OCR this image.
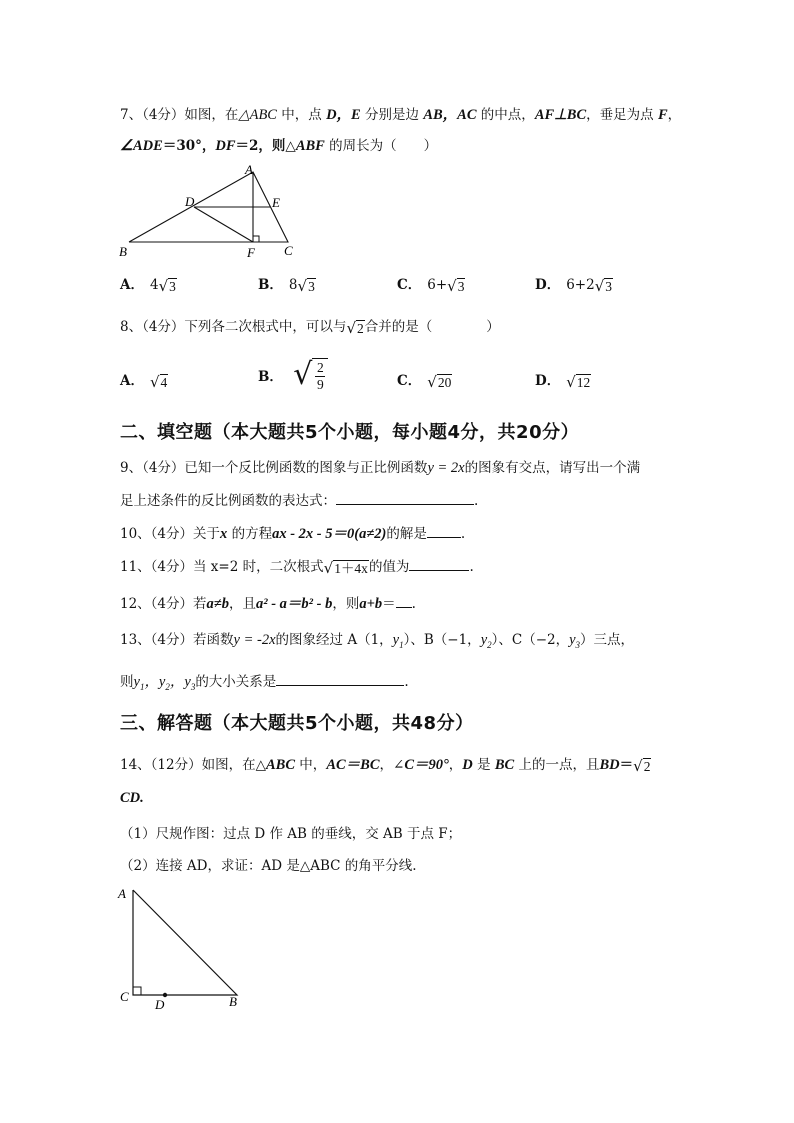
7、（4分）如图，在△ABC 中，点 D，E 分别是边 AB，AC 的中点，AF⊥BC，垂足为点 F，
∠ADE＝30°，DF＝2，则△ABF 的周长为（　　）
A
D	E
B	F C
A． 4 √ 3	B． 8 √ 3	C． 6+ √ 3	D． 6+2 √ 3
8、（4分）下列各二次根式中，可以与 √ 2 合并的是（　　　　）
A． √ 4	B． √ 2
9	C． √ 20	D． √ 12
二、填空题（本大题共5个小题，每小题4分，共20分）
9、（4分）已知一个反比例函数的图象与正比例函数y = 2x的图象有交点，请写出一个满
足上述条件的反比例函数的表达式：	.
10、（4分）关于x 的方程ax - 2x - 5＝0(a≠2)的解是	.
11、（4分）当 x=2 时，二次根式 √ 1＋4x 的值为	.
12、（4分）若a≠b，且a² - a＝b² - b，则a+b＝ .
13、（4分）若函数y = -2x的图象经过 A（1，$y_1$）、B（−1，$y_2$）、C（−2，$y_3$）三点，
则$y_1$，$y_2$，$y_3$的大小关系是	.
三、解答题（本大题共5个小题，共48分）
14、（12分）如图，在△ABC 中，AC＝BC，∠C＝90°，D 是 BC 上的一点，且BD＝ √ 2
CD.
（1）尺规作图：过点 D 作 AB 的垂线，交 AB 于点 F；
（2）连接 AD，求证：AD 是△ABC 的角平分线.
A
C
D	B
